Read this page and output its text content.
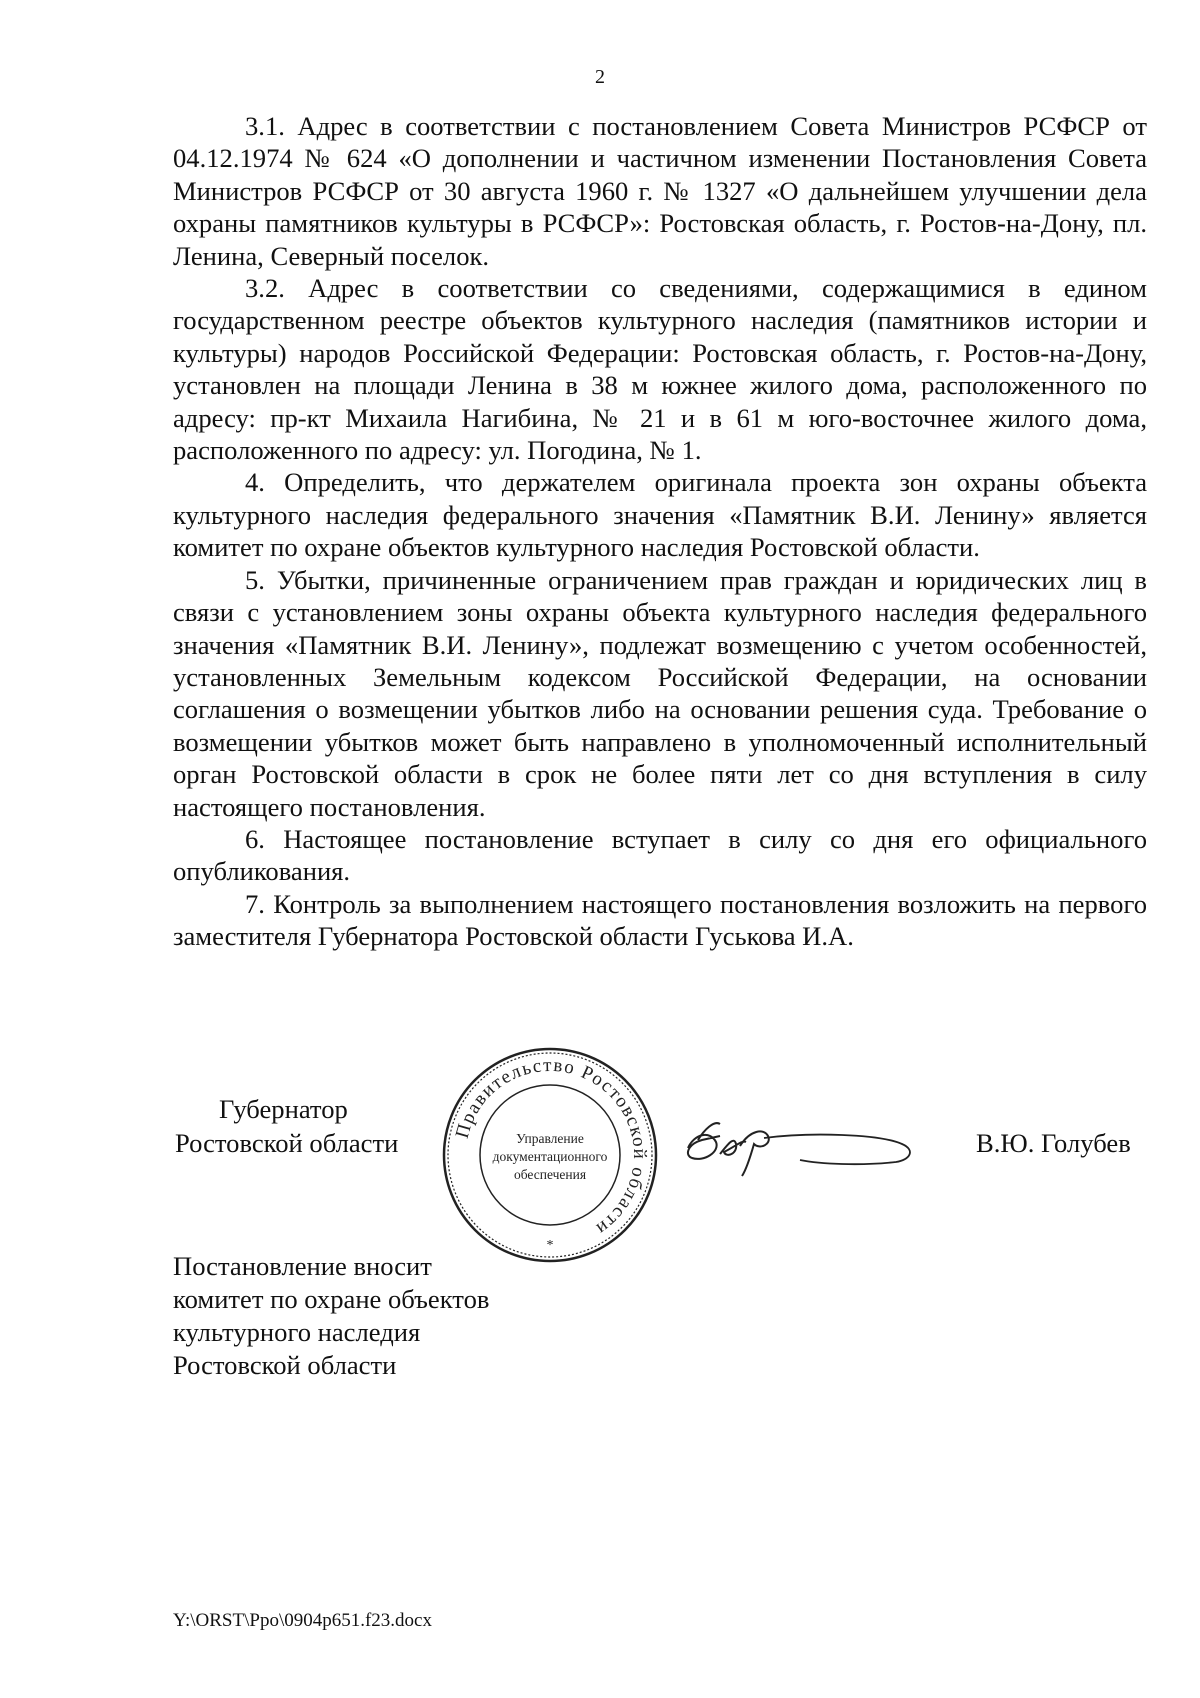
2

3.1. Адрес в соответствии с постановлением Совета Министров РСФСР от 04.12.1974 № 624 «О дополнении и частичном изменении Постановления Совета Министров РСФСР от 30 августа 1960 г. № 1327 «О дальнейшем улучшении дела охраны памятников культуры в РСФСР»: Ростовская область, г. Ростов-на-Дону, пл. Ленина, Северный поселок.

3.2. Адрес в соответствии со сведениями, содержащимися в едином государственном реестре объектов культурного наследия (памятников истории и культуры) народов Российской Федерации: Ростовская область, г. Ростов-на-Дону, установлен на площади Ленина в 38 м южнее жилого дома, расположенного по адресу: пр-кт Михаила Нагибина, № 21 и в 61 м юго-восточнее жилого дома, расположенного по адресу: ул. Погодина, № 1.

4. Определить, что держателем оригинала проекта зон охраны объекта культурного наследия федерального значения «Памятник В.И. Ленину» является комитет по охране объектов культурного наследия Ростовской области.

5. Убытки, причиненные ограничением прав граждан и юридических лиц в связи с установлением зоны охраны объекта культурного наследия федерального значения «Памятник В.И. Ленину», подлежат возмещению с учетом особенностей, установленных Земельным кодексом Российской Федерации, на основании соглашения о возмещении убытков либо на основании решения суда. Требование о возмещении убытков может быть направлено в уполномоченный исполнительный орган Ростовской области в срок не более пяти лет со дня вступления в силу настоящего постановления.

6. Настоящее постановление вступает в силу со дня его официального опубликования.

7. Контроль за выполнением настоящего постановления возложить на первого заместителя Губернатора Ростовской области Гуськова И.А.

Губернатор
Ростовской области	Правительство Ростовской области
Управление
документационного
обеспечения
*
В.Ю. Голубев
Постановление вносит
комитет по охране объектов
культурного наследия
Ростовской области
Y:\ORST\Ppo\0904p651.f23.docx
